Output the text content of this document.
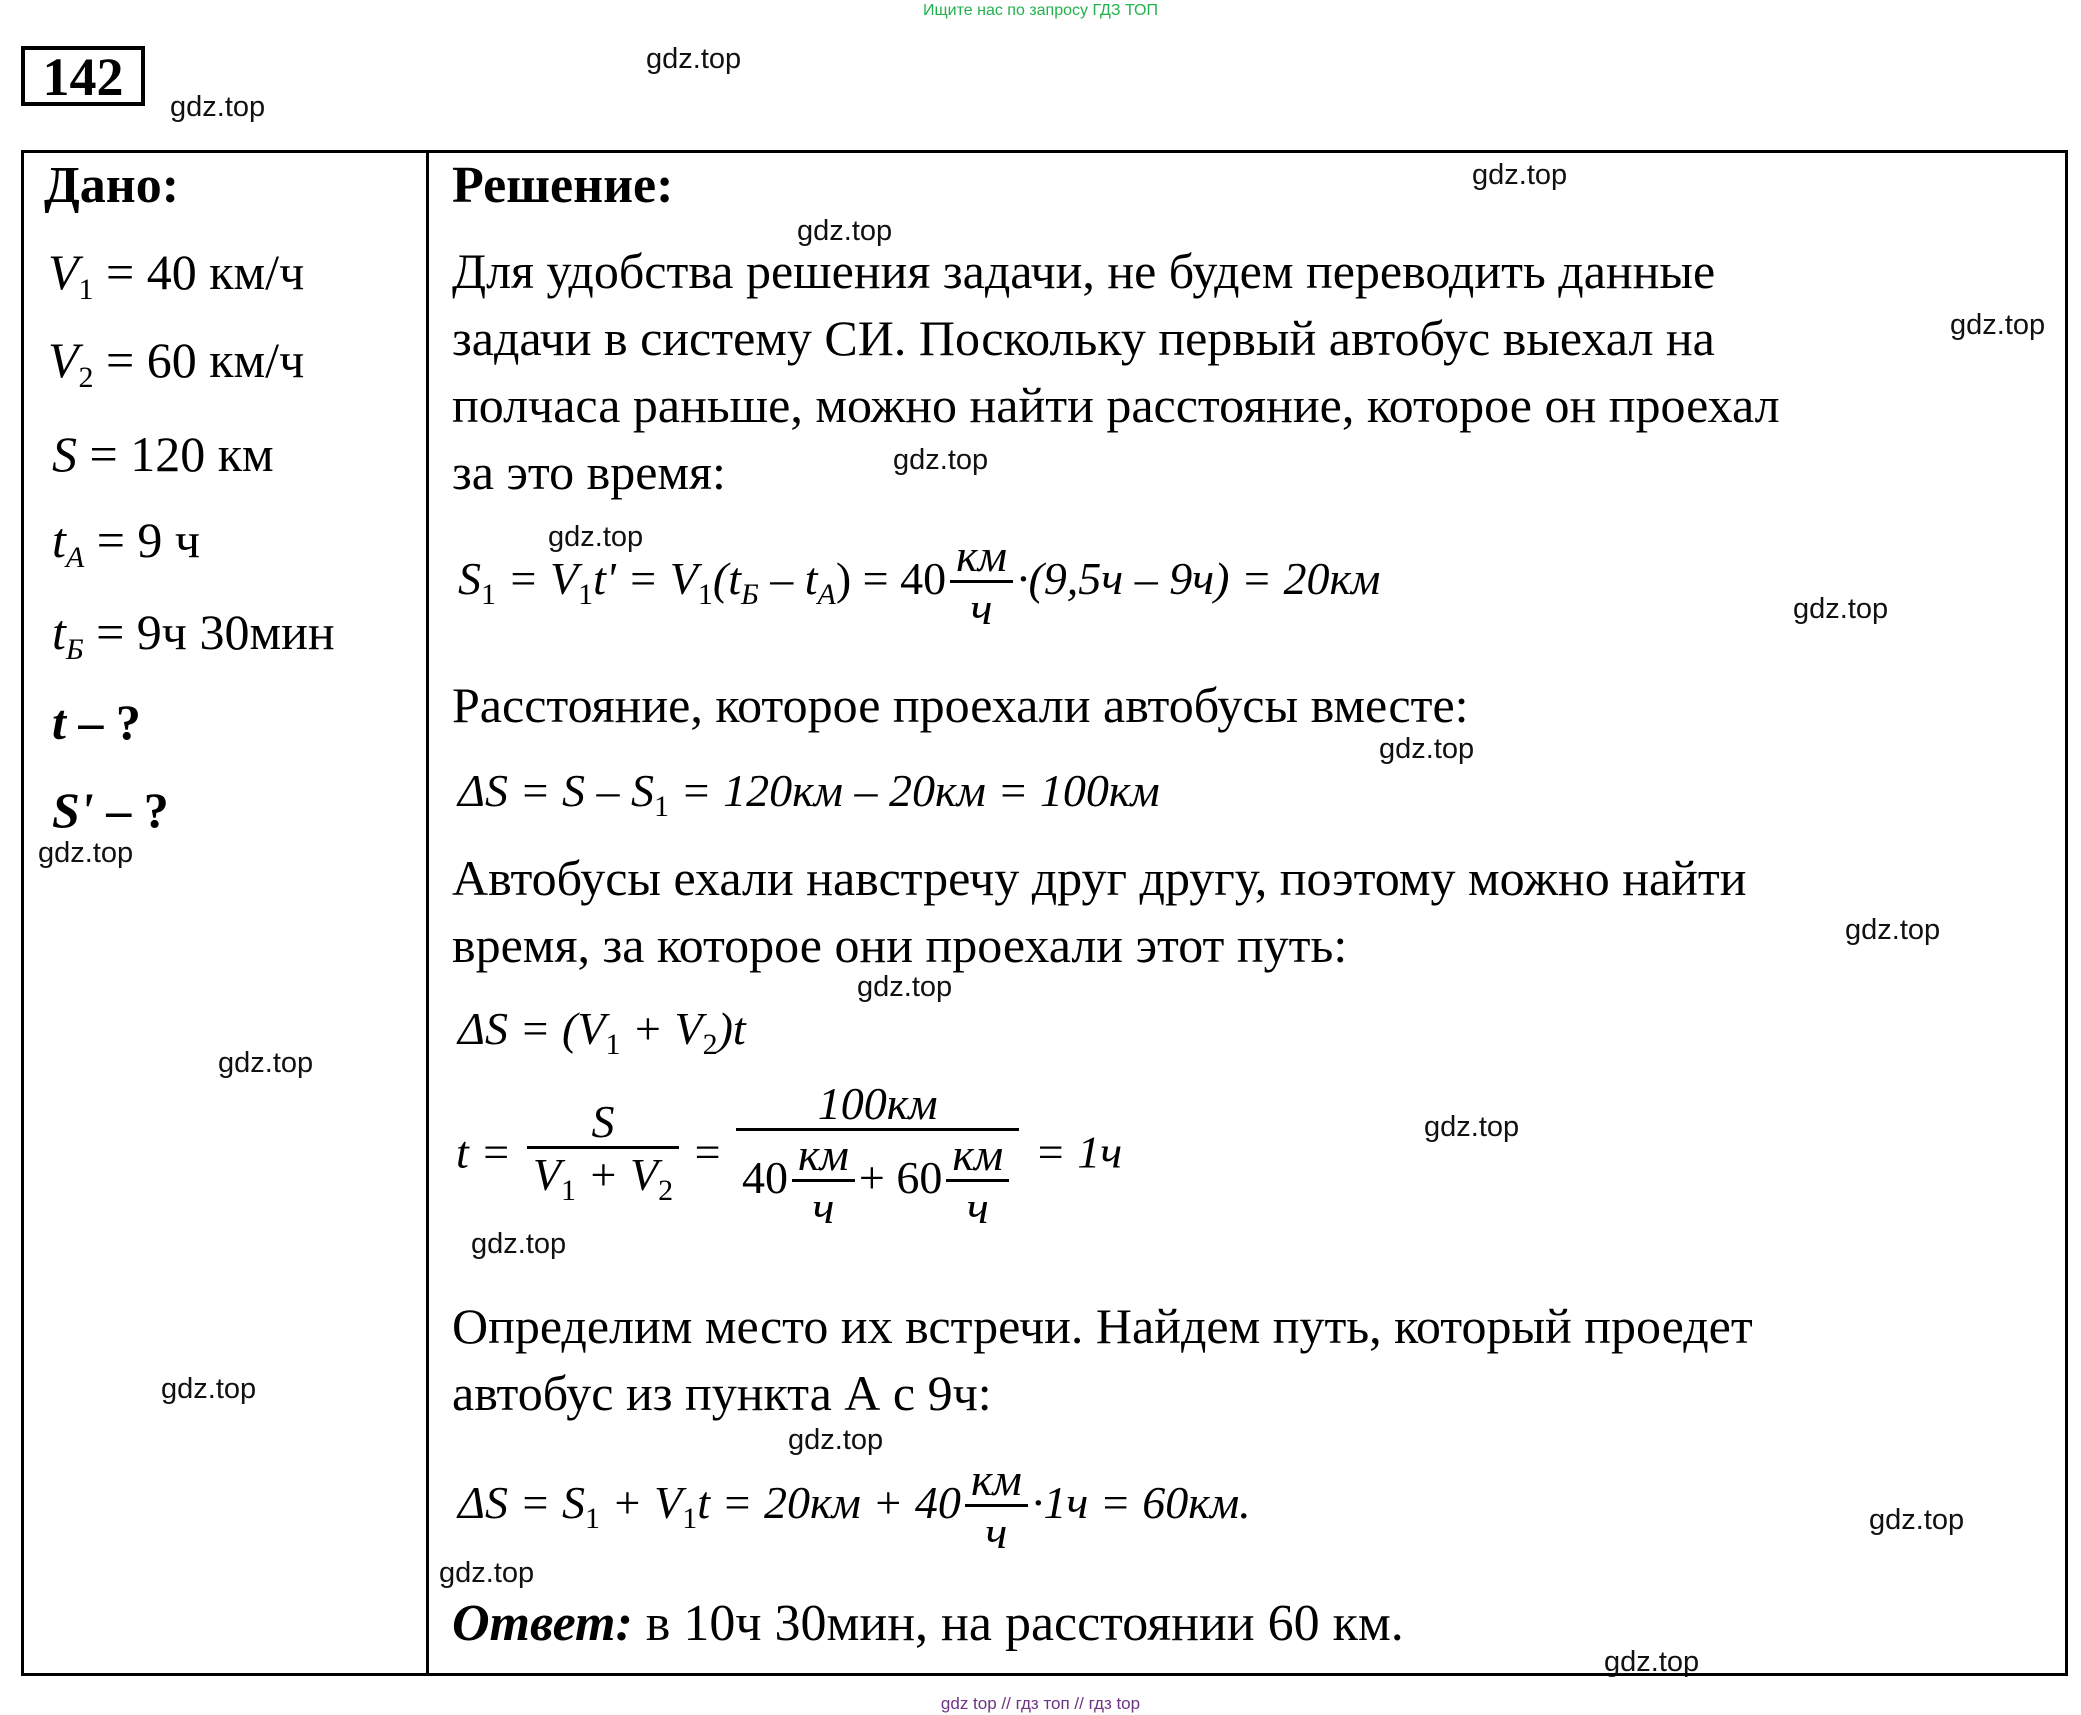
Ищите нас по запросу ГДЗ ТОП
142	gdz.top
gdz.top
gdz.top
gdz.top
gdz.top
gdz.top
gdz.top
gdz.top
gdz.top
gdz.top
gdz.top
gdz.top
gdz.top
gdz.top
gdz.top
gdz.top
gdz.top
gdz.top
gdz.top
gdz.top
Дано:
$V_1 = 40$ км/ч
$V_2 = 60$ км/ч
S = 120 км
$t_А = 9$ ч
$t_Б = 9ч$ 30мин
t – ?
S' – ?
Решение:
Для удобства решения задачи, не будем переводить данные
задачи в систему СИ. Поскольку первый автобус выехал на
полчаса раньше, можно найти расстояние, которое он проехал
за это время:
$S_1 = V_1t' = V_1(t_Б - t_А) = 40 \frac{км}{ч} \cdot(9,5ч - 9ч) = 20км$
Расстояние, которое проехали автобусы вместе:
$\Delta S = S - S_1 = 120км - 20км = 100км$
Автобусы ехали навстречу друг другу, поэтому можно найти
время, за которое они проехали этот путь:
$\Delta S = (V_1 + V_2)t$
$t = \frac{S}{V_1 + V_2} = \frac{100км}{40 \frac{км}{ч} + 60 \frac{км}{ч}} = 1ч$
Определим место их встречи. Найдем путь, который проедет
автобус из пункта А с 9ч:
$\Delta S = S_1 + V_1t = 20км + 40 \frac{км}{ч} \cdot 1ч = 60км$.
Ответ: в 10ч 30мин, на расстоянии 60 км.
gdz top // гдз топ // гдз top
